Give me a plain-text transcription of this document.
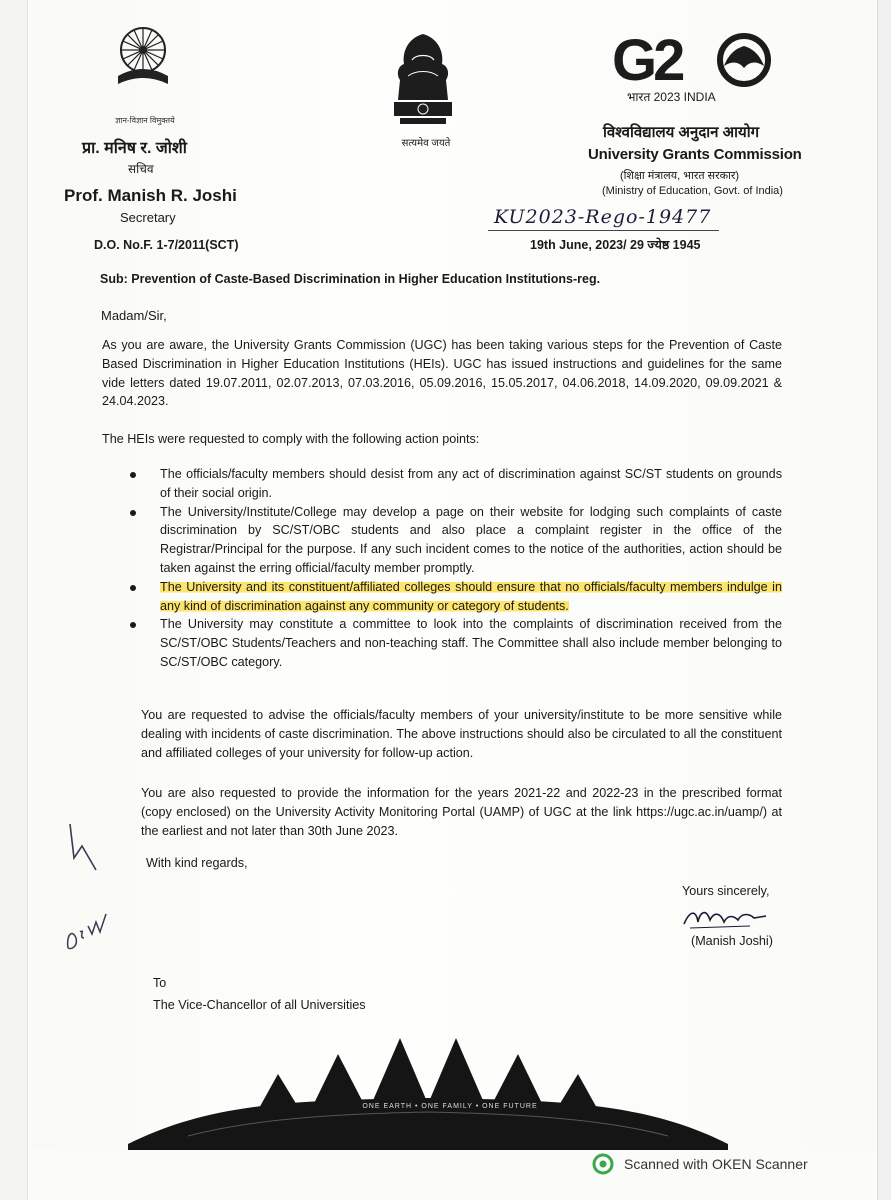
ज्ञान-विज्ञान विमुक्तये
प्रा. मनिष र. जोशी
सचिव
Prof. Manish R. Joshi
Secretary
सत्यमेव जयते
G2
भारत 2023 INDIA
विश्वविद्यालय अनुदान आयोग
University Grants Commission
(शिक्षा मंत्रालय, भारत सरकार)
(Ministry of Education, Govt. of India)
KU2023-Rego-19477
D.O. No.F. 1-7/2011(SCT)	19th June, 2023/ 29 ज्येष्ठ 1945
Sub: Prevention of Caste-Based Discrimination in Higher Education Institutions-reg.
Madam/Sir,
As you are aware, the University Grants Commission (UGC) has been taking various steps for the Prevention of Caste Based Discrimination in Higher Education Institutions (HEIs). UGC has issued instructions and guidelines for the same vide letters dated 19.07.2011, 02.07.2013, 07.03.2016, 05.09.2016, 15.05.2017, 04.06.2018, 14.09.2020, 09.09.2021 & 24.04.2023.
The HEIs were requested to comply with the following action points:
The officials/faculty members should desist from any act of discrimination against SC/ST students on grounds of their social origin.
The University/Institute/College may develop a page on their website for lodging such complaints of caste discrimination by SC/ST/OBC students and also place a complaint register in the office of the Registrar/Principal for the purpose. If any such incident comes to the notice of the authorities, action should be taken against the erring official/faculty member promptly.
The University and its constituent/affiliated colleges should ensure that no officials/faculty members indulge in any kind of discrimination against any community or category of students.
The University may constitute a committee to look into the complaints of discrimination received from the SC/ST/OBC Students/Teachers and non-teaching staff. The Committee shall also include member belonging to SC/ST/OBC category.
You are requested to advise the officials/faculty members of your university/institute to be more sensitive while dealing with incidents of caste discrimination. The above instructions should also be circulated to all the constituent and affiliated colleges of your university for follow-up action.
You are also requested to provide the information for the years 2021-22 and 2022-23 in the prescribed format (copy enclosed) on the University Activity Monitoring Portal (UAMP) of UGC at the link https://ugc.ac.in/uamp/) at the earliest and not later than 30th June 2023.
With kind regards,
Yours sincerely,
(Manish Joshi)
To
The Vice-Chancellor of all Universities
ONE EARTH • ONE FAMILY • ONE FUTURE
Scanned with OKEN Scanner
